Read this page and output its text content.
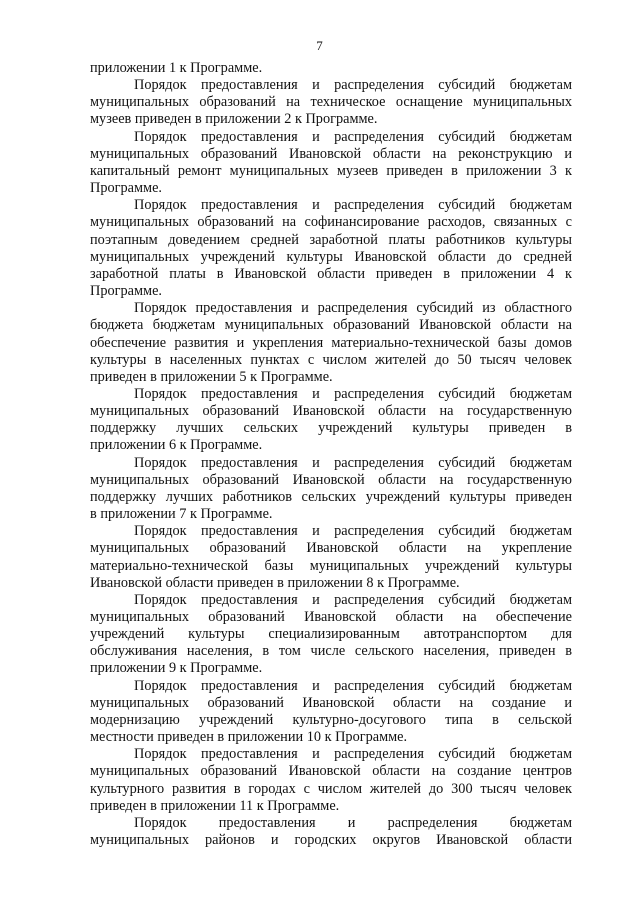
7
приложении 1 к Программе.
Порядок предоставления и распределения субсидий бюджетам
муниципальных образований на техническое оснащение муниципальных
музеев приведен в приложении 2 к Программе.
Порядок предоставления и распределения субсидий бюджетам
муниципальных образований Ивановской области на реконструкцию и
капитальный ремонт муниципальных музеев приведен в приложении 3 к
Программе.
Порядок предоставления и распределения субсидий бюджетам
муниципальных образований на софинансирование расходов, связанных с
поэтапным доведением средней заработной платы работников культуры
муниципальных учреждений культуры Ивановской области до средней
заработной платы в Ивановской области приведен в приложении 4 к
Программе.
Порядок предоставления и распределения субсидий из областного
бюджета бюджетам муниципальных образований Ивановской области на
обеспечение развития и укрепления материально-технической базы домов
культуры в населенных пунктах с числом жителей до 50 тысяч человек
приведен в приложении 5 к Программе.
Порядок предоставления и распределения субсидий бюджетам
муниципальных образований Ивановской области на государственную
поддержку лучших сельских учреждений культуры приведен в
приложении 6 к Программе.
Порядок предоставления и распределения субсидий бюджетам
муниципальных образований Ивановской области на государственную
поддержку лучших работников сельских учреждений культуры приведен
в приложении 7 к Программе.
Порядок предоставления и распределения субсидий бюджетам
муниципальных образований Ивановской области на укрепление
материально-технической базы муниципальных учреждений культуры
Ивановской области приведен в приложении 8 к Программе.
Порядок предоставления и распределения субсидий бюджетам
муниципальных образований Ивановской области на обеспечение
учреждений культуры специализированным автотранспортом для
обслуживания населения, в том числе сельского населения, приведен в
приложении 9 к Программе.
Порядок предоставления и распределения субсидий бюджетам
муниципальных образований Ивановской области на создание и
модернизацию учреждений культурно-досугового типа в сельской
местности приведен в приложении 10 к Программе.
Порядок предоставления и распределения субсидий бюджетам
муниципальных образований Ивановской области на создание центров
культурного развития в городах с числом жителей до 300 тысяч человек
приведен в приложении 11 к Программе.
Порядок предоставления и распределения бюджетам
муниципальных районов и городских округов Ивановской области
